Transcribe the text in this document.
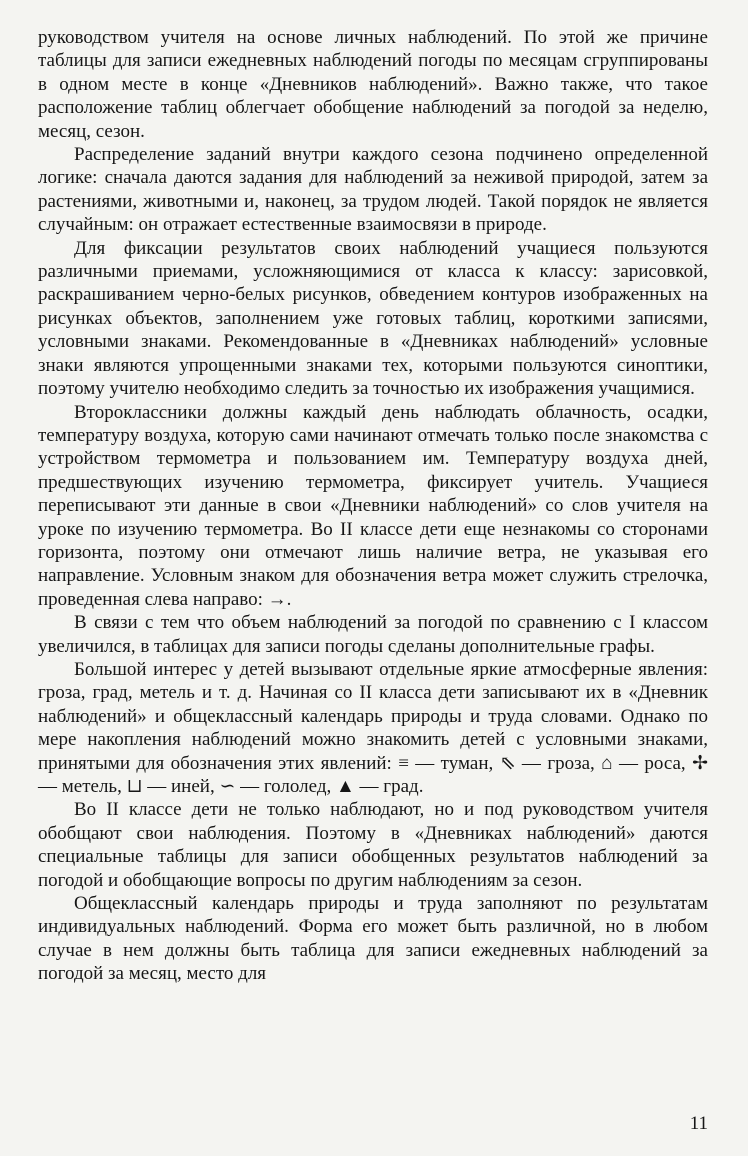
руководством учителя на основе личных наблюдений. По этой же причине таблицы для записи ежедневных наблюдений погоды по месяцам сгруппированы в одном месте в конце «Дневников наблюдений». Важно также, что такое расположение таблиц облегчает обобщение наблюдений за погодой за неделю, месяц, сезон.

Распределение заданий внутри каждого сезона подчинено определенной логике: сначала даются задания для наблюдений за неживой природой, затем за растениями, животными и, наконец, за трудом людей. Такой порядок не является случайным: он отражает естественные взаимосвязи в природе.

Для фиксации результатов своих наблюдений учащиеся пользуются различными приемами, усложняющимися от класса к классу: зарисовкой, раскрашиванием черно-белых рисунков, обведением контуров изображенных на рисунках объектов, заполнением уже готовых таблиц, короткими записями, условными знаками. Рекомендованные в «Дневниках наблюдений» условные знаки являются упрощенными знаками тех, которыми пользуются синоптики, поэтому учителю необходимо следить за точностью их изображения учащимися.

Второклассники должны каждый день наблюдать облачность, осадки, температуру воздуха, которую сами начинают отмечать только после знакомства с устройством термометра и пользованием им. Температуру воздуха дней, предшествующих изучению термометра, фиксирует учитель. Учащиеся переписывают эти данные в свои «Дневники наблюдений» со слов учителя на уроке по изучению термометра. Во II классе дети еще незнакомы со сторонами горизонта, поэтому они отмечают лишь наличие ветра, не указывая его направление. Условным знаком для обозначения ветра может служить стрелочка, проведенная слева направо: →.

В связи с тем что объем наблюдений за погодой по сравнению с I классом увеличился, в таблицах для записи погоды сделаны дополнительные графы.

Большой интерес у детей вызывают отдельные яркие атмосферные явления: гроза, град, метель и т. д. Начиная со II класса дети записывают их в «Дневник наблюдений» и общеклассный календарь природы и труда словами. Однако по мере накопления наблюдений можно знакомить детей с условными знаками, принятыми для обозначения этих явлений: ≡ — туман, ⇖ — гроза, ⌂ — роса, ✢ — метель, ⊔ — иней, ∽ — гололед, ▲ — град.

Во II классе дети не только наблюдают, но и под руководством учителя обобщают свои наблюдения. Поэтому в «Дневниках наблюдений» даются специальные таблицы для записи обобщенных результатов наблюдений за погодой и обобщающие вопросы по другим наблюдениям за сезон.

Общеклассный календарь природы и труда заполняют по результатам индивидуальных наблюдений. Форма его может быть различной, но в любом случае в нем должны быть таблица для записи ежедневных наблюдений за погодой за месяц, место для

11
